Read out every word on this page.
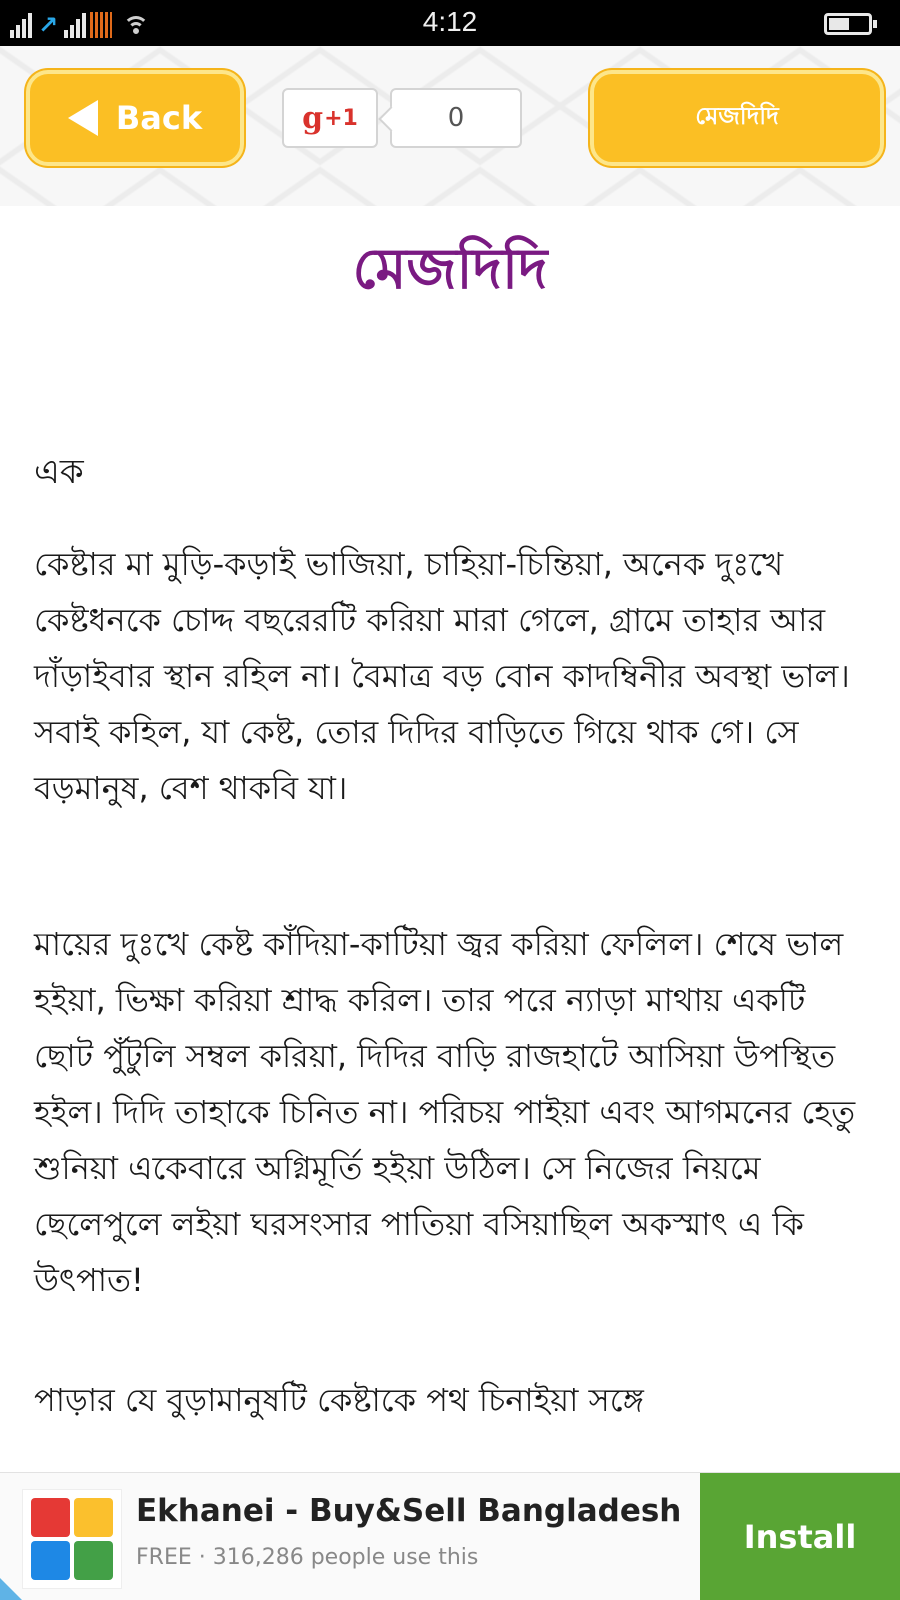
↗	4:12
Back	g +1	0	মেজদিদি
মেজদিদি
এক

কেষ্টার মা মুড়ি-কড়াই ভাজিয়া, চাহিয়া-চিন্তিয়া, অনেক দুঃখে কেষ্টধনকে চোদ্দ বছরেরটি করিয়া মারা গেলে, গ্রামে তাহার আর দাঁড়াইবার স্থান রহিল না। বৈমাত্র বড় বোন কাদম্বিনীর অবস্থা ভাল। সবাই কহিল, যা কেষ্ট, তোর দিদির বাড়িতে গিয়ে থাক গে। সে বড়মানুষ, বেশ থাকবি যা।

মায়ের দুঃখে কেষ্ট কাঁদিয়া-কাটিয়া জ্বর করিয়া ফেলিল। শেষে ভাল হইয়া, ভিক্ষা করিয়া শ্রাদ্ধ করিল। তার পরে ন্যাড়া মাথায় একটি ছোট পুঁটুলি সম্বল করিয়া, দিদির বাড়ি রাজহাটে আসিয়া উপস্থিত হইল। দিদি তাহাকে চিনিত না। পরিচয় পাইয়া এবং আগমনের হেতু শুনিয়া একেবারে অগ্নিমূর্তি হইয়া উঠিল। সে নিজের নিয়মে ছেলেপুলে লইয়া ঘরসংসার পাতিয়া বসিয়াছিল অকস্মাৎ এ কি উৎপাত!

পাড়ার যে বুড়ামানুষটি কেষ্টাকে পথ চিনাইয়া সঙ্গে

Ekhanei - Buy&Sell Bangladesh
FREE · 316,286 people use this
Install
